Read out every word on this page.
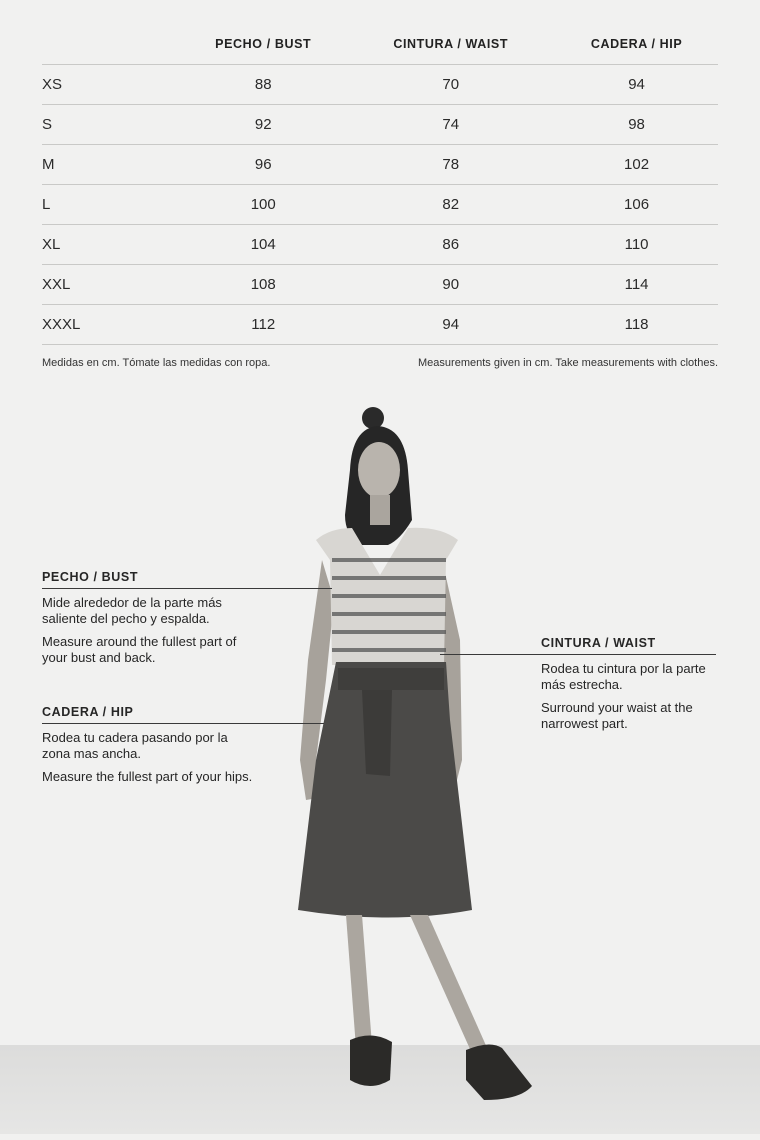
	PECHO / BUST	CINTURA / WAIST	CADERA / HIP
XS	88	70	94
S	92	74	98
M	96	78	102
L	100	82	106
XL	104	86	110
XXL	108	90	114
XXXL	112	94	118
Medidas en cm. Tómate las medidas con ropa.	Measurements given in cm. Take measurements with clothes.
PECHO / BUST

Mide alrededor de la parte más saliente del pecho y espalda.

Measure around the fullest part of your bust and back.

CADERA / HIP

Rodea tu cadera pasando por la zona mas ancha.

Measure the fullest part of your hips.

CINTURA / WAIST

Rodea tu cintura por la parte más estrecha.

Surround your waist at the narrowest part.
